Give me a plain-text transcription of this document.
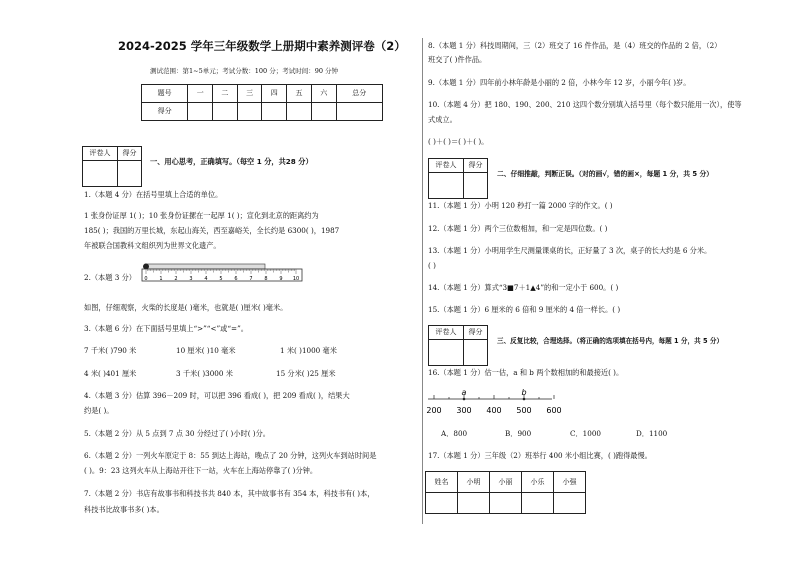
2024-2025 学年三年级数学上册期中素养测评卷（2）
测试范围：第1~5单元；考试分数：100 分；考试时间：90 分钟
题号	一	二	三	四	五	六	总分
得分							
评卷人	得分

一、用心思考，正确填写。（每空 1 分，共28 分）
1.（本题 4 分）在括号里填上合适的单位。
1 张身份证厚 1( )；10 张身份证摞在一起厚 1( )；宣化到北京的距离约为
185( )；我国的万里长城，东起山海关，西至嘉峪关，全长约是 6300( )，1987
年被联合国教科文组织列为世界文化遗产。
2.（本题 3 分） 0 1 2 3 4 5 6 7 8 9 10
如图，仔细观察，火柴的长度是( )毫米，也就是( )厘米( )毫米。
3.（本题 6 分）在下面括号里填上“>”“<”或“=”。
7 千米( )790 米	10 厘米( )10 毫米	1 米( )1000 毫米
4 米( )401 厘米	3 千米( )3000 米	15 分米( )25 厘米
4.（本题 3 分）估算 396－209 时，可以把 396 看成( )，把 209 看成( )，结果大
约是( )。
5.（本题 2 分）从 5 点到 7 点 30 分经过了( )小时( )分。
6.（本题 2 分）一列火车原定于 8：55 到达上海站，晚点了 20 分钟，这列火车到站时间是
( )。9：23 这列火车从上海站开往下一站，火车在上海站停靠了( )分钟。
7.（本题 2 分）书店有故事书和科技书共 840 本，其中故事书有 354 本，科技书有( )本，
科技书比故事书多( )本。
8.（本题 1 分）科技周期间，三（2）班交了 16 件作品，是（4）班交的作品的 2 倍，（2）
班交了( )件作品。
9.（本题 1 分）四年前小林年龄是小丽的 2 倍，小林今年 12 岁，小丽今年( )岁。
10.（本题 4 分）把 180、190、200、210 这四个数分别填入括号里（每个数只能用一次），使等
式成立。
( )＋( )＝( )＋( )。
评卷人	得分

二、仔细推敲，判断正误。（对的画√，错的画×，每题 1 分，共 5 分）
11.（本题 1 分）小明 120 秒打一篇 2000 字的作文。( )
12.（本题 1 分）两个三位数相加，和一定是四位数。( )
13.（本题 1 分）小明用学生尺测量课桌的长，正好量了 3 次，桌子的长大约是 6 分米。
( )
14.（本题 1 分）算式“3■7＋1▲4”的和一定小于 600。( )
15.（本题 1 分）6 厘米的 6 倍和 9 厘米的 4 倍一样长。( )
评卷人	得分

三、反复比较，合理选择。（将正确的选项填在括号内，每题 1 分，共 5 分）
16.（本题 1 分）估一估，a 和 b 两个数相加的和最接近( )。
200 300 400 500 600
a	b
A．800	B．900	C．1000	D．1100
17.（本题 1 分）三年级（2）班举行 400 米小组比赛，( )跑得最慢。
姓名	小明	小丽	小乐	小强
